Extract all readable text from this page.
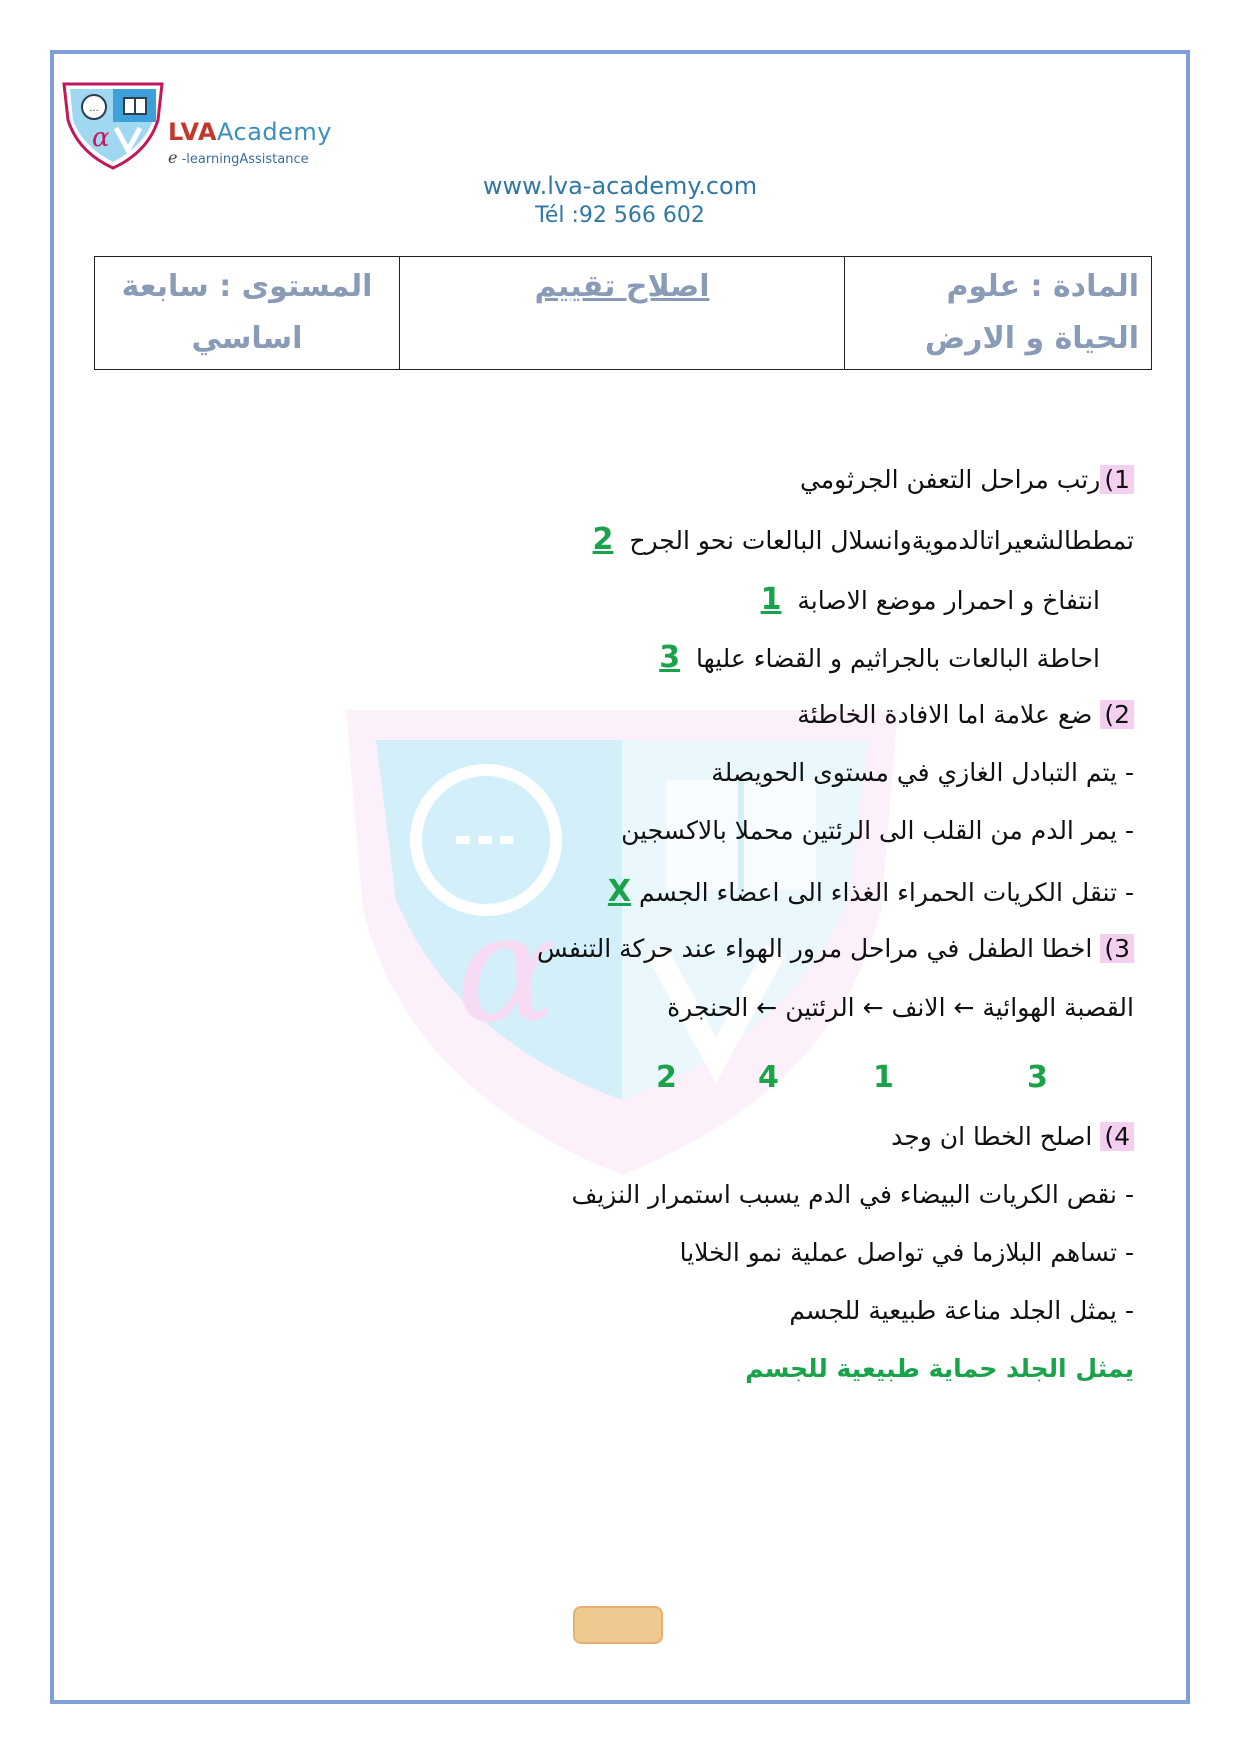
...
α LVAAcademy
e -learningAssistance
www.lva-academy.com
Tél :92 566 602
المادة : علوم الحياة و الارض	اصلاح تقييم	المستوى : سابعة اساسي
α
1)رتب مراحل التعفن الجرثومي
تمططالشعيراتالدمويةوانسلال البالعات نحو الجرح  2
انتفاخ و احمرار موضع الاصابة  1
احاطة البالعات بالجراثيم و القضاء عليها  3
2) ضع علامة اما الافادة الخاطئة
- يتم التبادل الغازي في مستوى الحويصلة
- يمر الدم من القلب الى الرئتين محملا بالاكسجين
- تنقل الكريات الحمراء الغذاء الى اعضاء الجسم X
3) اخطا الطفل في مراحل مرور الهواء عند حركة التنفس
القصبة الهوائية ← الانف ← الرئتين ← الحنجرة
3
1
4
2
4) اصلح الخطا ان وجد
- نقص الكريات البيضاء في الدم يسبب استمرار النزيف
- تساهم البلازما في تواصل عملية نمو الخلايا
- يمثل الجلد مناعة طبيعية للجسم
يمثل الجلد حماية طبيعية للجسم
